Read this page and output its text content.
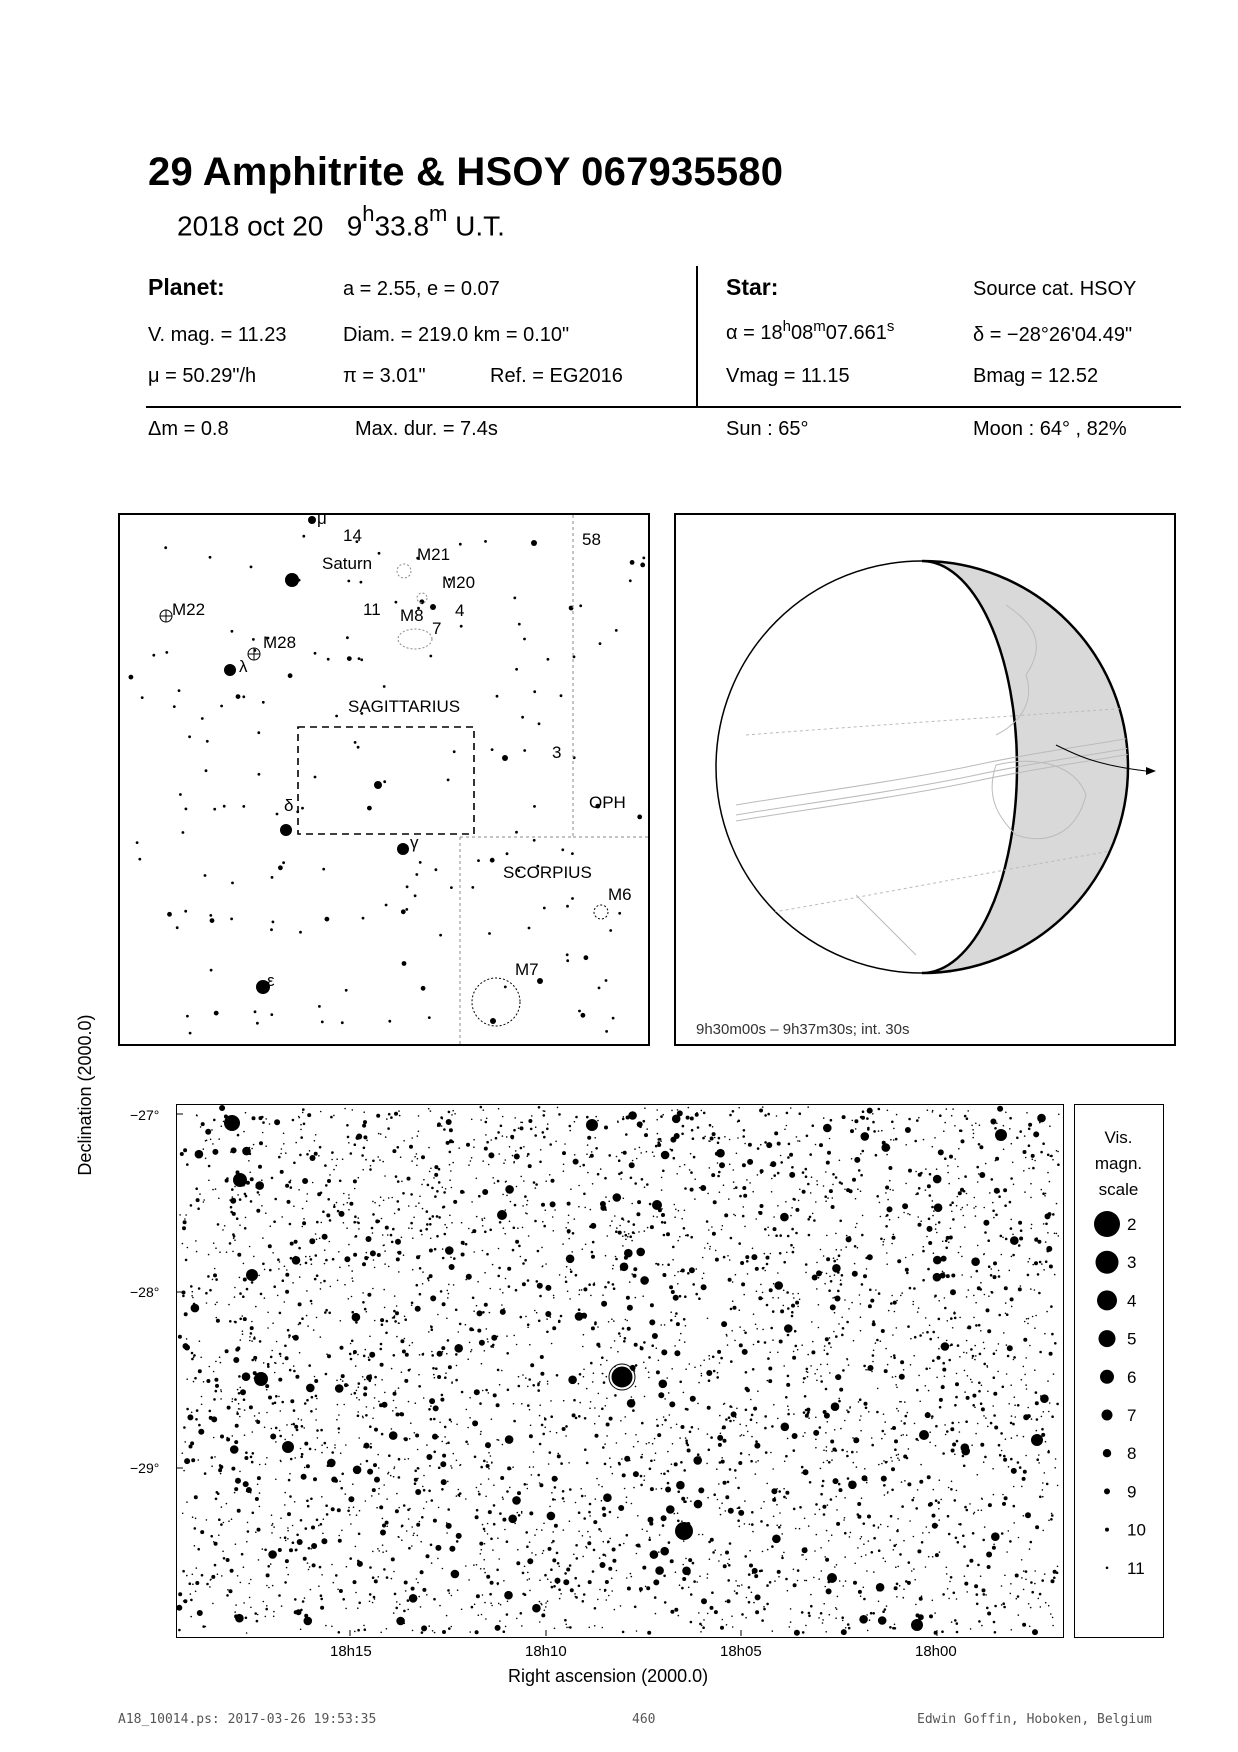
29 Amphitrite & HSOY 067935580
2018 oct 20 9$^h$33.8$^m$ U.T.
Planet:	a = 2.55, e = 0.07
V. mag. = 11.23	Diam. = 219.0 km = 0.10"
μ = 50.29"/h	π = 3.01"	Ref. = EG2016
Star:	Source cat. HSOY
$\alpha = 18^h08^m07.661^s$	δ = −28°26'04.49"
Vmag = 11.15	Bmag = 12.52
Δm = 0.8	Max. dur. = 7.4s	Sun : 65°	Moon : 64° , 82%
μ
14
Saturn	M21
M20
M22	11 M8 4
7
M28
λ
58
SAGITTARIUS
3
OPH
δ
γ
SCORPIUS
M6
M7
ε
9h30m00s – 9h37m30s; int. 30s
Declination (2000.0)
Right ascension (2000.0)
−27°
−28°
−29°
18h15	18h10	18h05	18h00
Vis.
magn.
scale
2
3
4
5
6
7
8
9
10
11
A18_10014.ps: 2017-03-26 19:53:35	460	Edwin Goffin, Hoboken, Belgium
